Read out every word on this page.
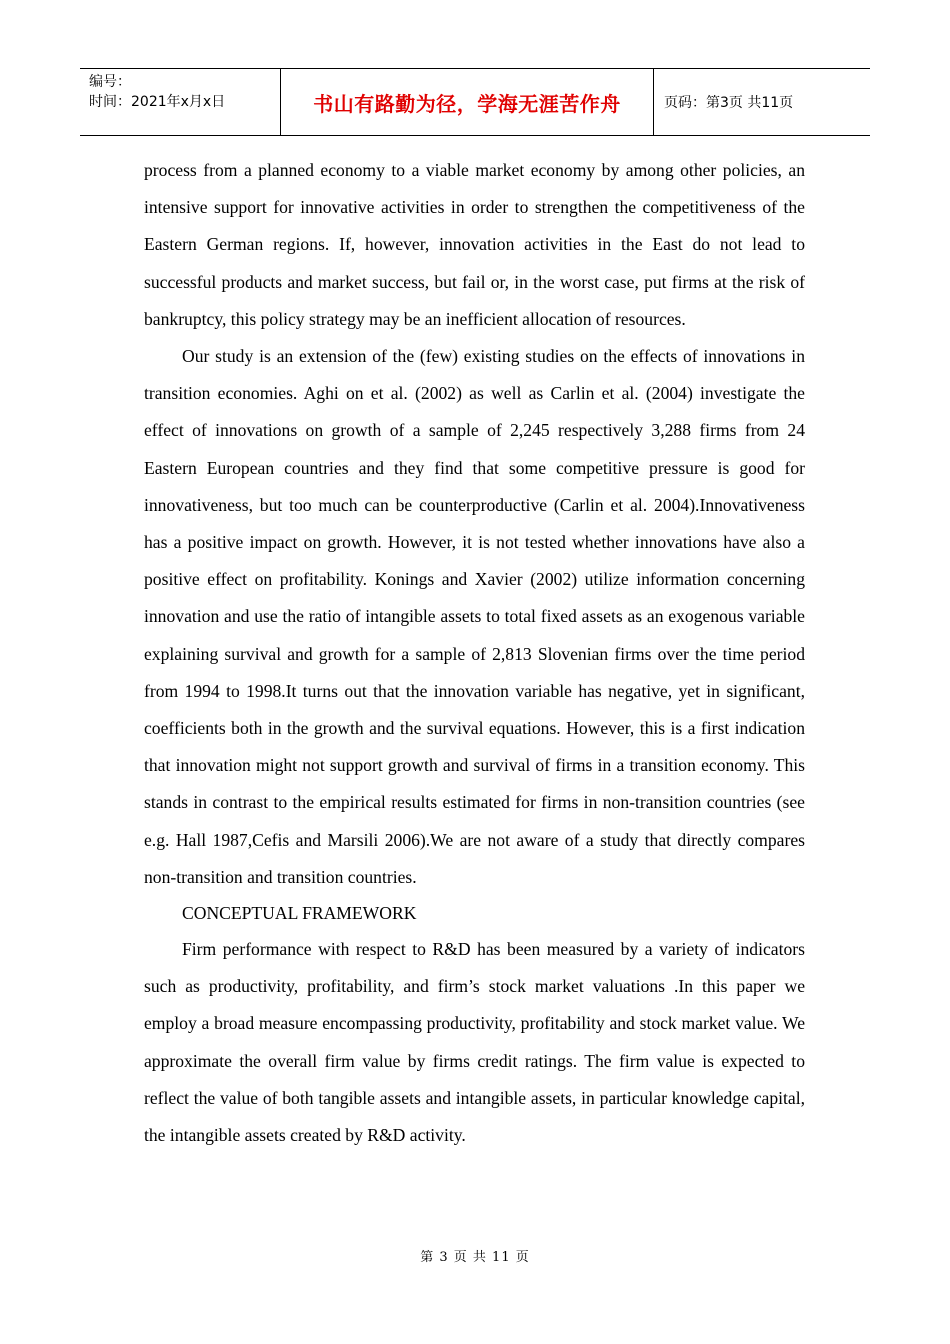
编号：
时间：2021年x月x日	书山有路勤为径，学海无涯苦作舟	页码：第3页 共11页

process from a planned economy to a viable market economy by among other policies, an intensive support for innovative activities in order to strengthen the competitiveness of the Eastern German regions. If, however, innovation activities in the East do not lead to successful products and market success, but fail or, in the worst case, put firms at the risk of bankruptcy, this policy strategy may be an inefficient allocation of resources.

Our study is an extension of the (few) existing studies on the effects of innovations in transition economies. Aghi on et al. (2002) as well as Carlin et al. (2004) investigate the effect of innovations on growth of a sample of 2,245 respectively 3,288 firms from 24 Eastern European countries and they find that some competitive pressure is good for innovativeness, but too much can be counterproductive (Carlin et al. 2004).Innovativeness has a positive impact on growth. However, it is not tested whether innovations have also a positive effect on profitability. Konings and Xavier (2002) utilize information concerning innovation and use the ratio of intangible assets to total fixed assets as an exogenous variable explaining survival and growth for a sample of 2,813 Slovenian firms over the time period from 1994 to 1998.It turns out that the innovation variable has negative, yet in significant, coefficients both in the growth and the survival equations. However, this is a first indication that innovation might not support growth and survival of firms in a transition economy. This stands in contrast to the empirical results estimated for firms in non-transition countries (see e.g. Hall 1987,Cefis and Marsili 2006).We are not aware of a study that directly compares non-transition and transition countries.

CONCEPTUAL FRAMEWORK

Firm performance with respect to R&D has been measured by a variety of indicators such as productivity, profitability, and firm’s stock market valuations .In this paper we employ a broad measure encompassing productivity, profitability and stock market value. We approximate the overall firm value by firms credit ratings. The firm value is expected to reflect the value of both tangible assets and intangible assets, in particular knowledge capital, the intangible assets created by R&D activity.

第 3 页 共 11 页
